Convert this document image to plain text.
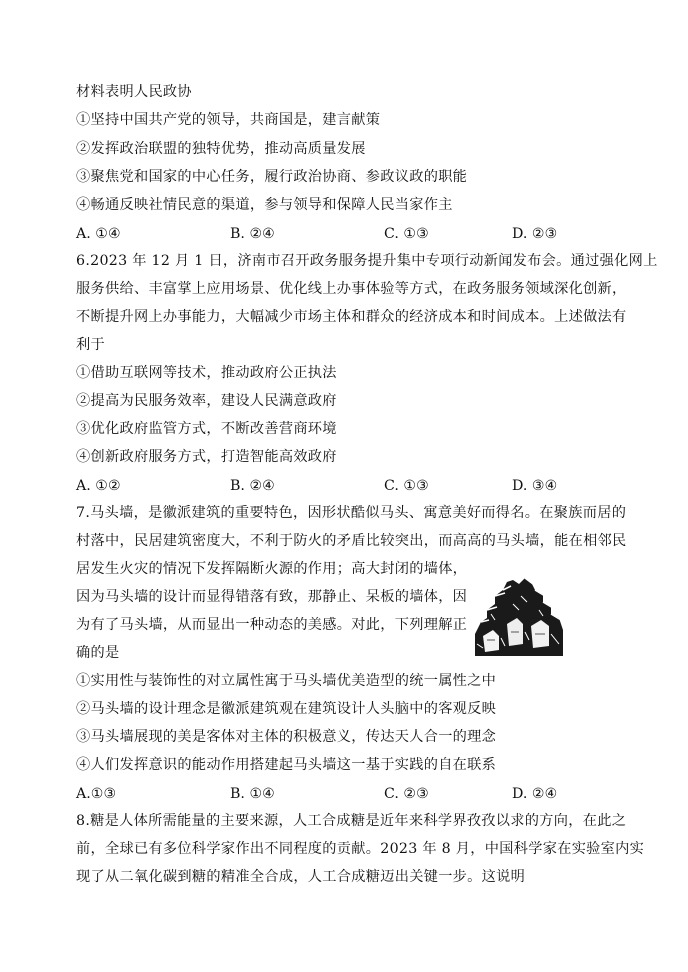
材料表明人民政协
①坚持中国共产党的领导，共商国是，建言献策
②发挥政治联盟的独特优势，推动高质量发展
③聚焦党和国家的中心任务，履行政治协商、参政议政的职能
④畅通反映社情民意的渠道，参与领导和保障人民当家作主
A. ①④	B. ②④	C. ①③	D. ②③
6.2023 年 12 月 1 日，济南市召开政务服务提升集中专项行动新闻发布会。通过强化网上
服务供给、丰富掌上应用场景、优化线上办事体验等方式，在政务服务领域深化创新，
不断提升网上办事能力，大幅减少市场主体和群众的经济成本和时间成本。上述做法有
利于
①借助互联网等技术，推动政府公正执法
②提高为民服务效率，建设人民满意政府
③优化政府监管方式，不断改善营商环境
④创新政府服务方式，打造智能高效政府
A. ①②	B. ②④	C. ①③	D. ③④
7.马头墙，是徽派建筑的重要特色，因形状酷似马头、寓意美好而得名。在聚族而居的
村落中，民居建筑密度大，不利于防火的矛盾比较突出，而高高的马头墙，能在相邻民
居发生火灾的情况下发挥隔断火源的作用；高大封闭的墙体，
因为马头墙的设计而显得错落有致，那静止、呆板的墙体，因
为有了马头墙，从而显出一种动态的美感。对此，下列理解正
确的是
①实用性与装饰性的对立属性寓于马头墙优美造型的统一属性之中
②马头墙的设计理念是徽派建筑观在建筑设计人头脑中的客观反映
③马头墙展现的美是客体对主体的积极意义，传达天人合一的理念
④人们发挥意识的能动作用搭建起马头墙这一基于实践的自在联系
A.①③	B. ①④	C. ②③	D. ②④
8.糖是人体所需能量的主要来源，人工合成糖是近年来科学界孜孜以求的方向，在此之
前，全球已有多位科学家作出不同程度的贡献。2023 年 8 月，中国科学家在实验室内实
现了从二氧化碳到糖的精准全合成，人工合成糖迈出关键一步。这说明
